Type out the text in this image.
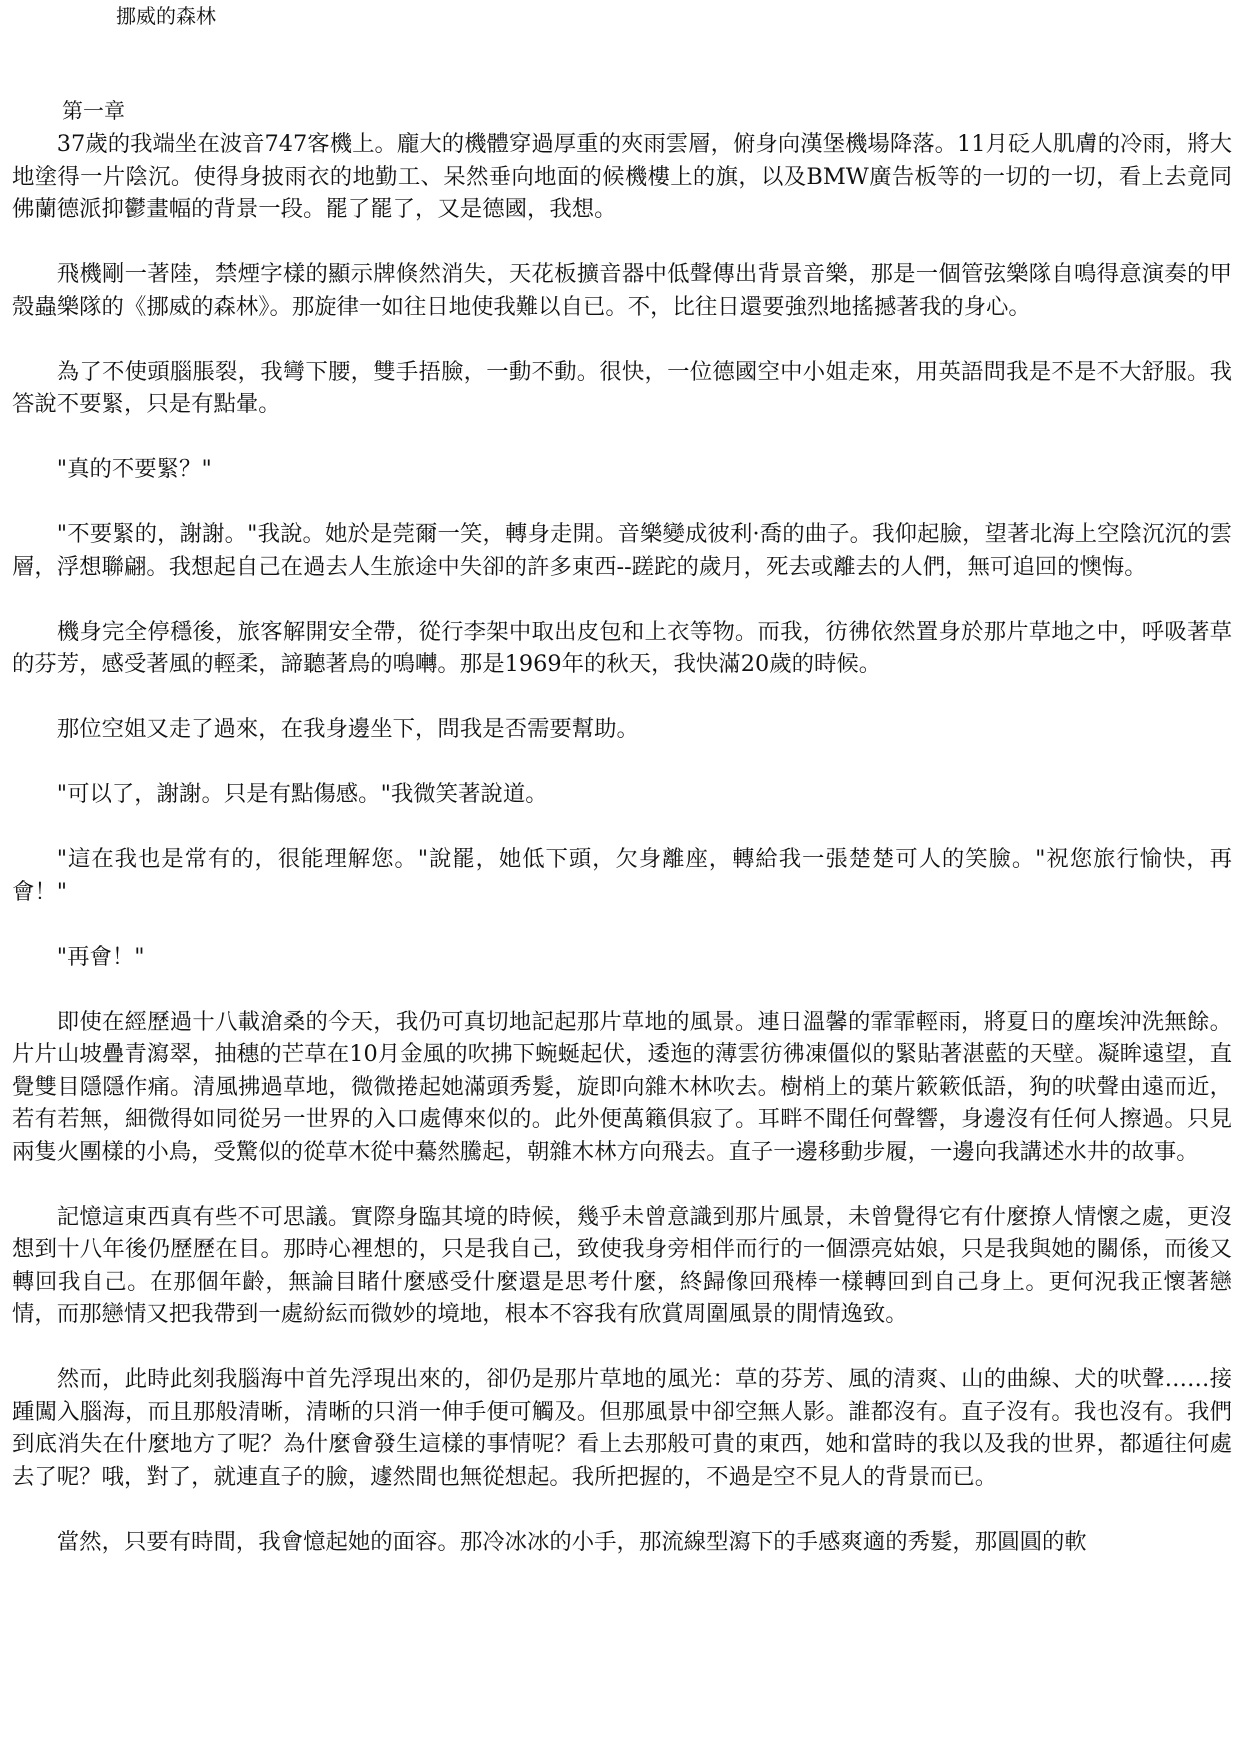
挪威的森林
第一章

37歲的我端坐在波音747客機上。龐大的機體穿過厚重的夾雨雲層，俯身向漢堡機場降落。11月砭人肌膚的冷雨，將大地塗得一片陰沉。使得身披雨衣的地勤工、呆然垂向地面的候機樓上的旗，以及BMW廣告板等的一切的一切，看上去竟同佛蘭德派抑鬱畫幅的背景一段。罷了罷了，又是德國，我想。

飛機剛一著陸，禁煙字樣的顯示牌倏然消失，天花板擴音器中低聲傳出背景音樂，那是一個管弦樂隊自鳴得意演奏的甲殼蟲樂隊的《挪威的森林》。那旋律一如往日地使我難以自已。不，比往日還要強烈地搖撼著我的身心。

為了不使頭腦脹裂，我彎下腰，雙手捂臉，一動不動。很快，一位德國空中小姐走來，用英語問我是不是不大舒服。我答說不要緊，只是有點暈。

"真的不要緊？"

"不要緊的，謝謝。"我說。她於是莞爾一笑，轉身走開。音樂變成彼利·喬的曲子。我仰起臉，望著北海上空陰沉沉的雲層，浮想聯翩。我想起自己在過去人生旅途中失卻的許多東西--蹉跎的歲月，死去或離去的人們，無可追回的懊悔。

機身完全停穩後，旅客解開安全帶，從行李架中取出皮包和上衣等物。而我，彷彿依然置身於那片草地之中，呼吸著草的芬芳，感受著風的輕柔，諦聽著鳥的鳴囀。那是1969年的秋天，我快滿20歲的時候。

那位空姐又走了過來，在我身邊坐下，問我是否需要幫助。

"可以了，謝謝。只是有點傷感。"我微笑著說道。

"這在我也是常有的，很能理解您。"說罷，她低下頭，欠身離座，轉給我一張楚楚可人的笑臉。"祝您旅行愉快，再會！"

"再會！"

即使在經歷過十八載滄桑的今天，我仍可真切地記起那片草地的風景。連日溫馨的霏霏輕雨，將夏日的塵埃沖洗無餘。片片山坡疊青瀉翠，抽穗的芒草在10月金風的吹拂下蜿蜒起伏，逶迤的薄雲彷彿凍僵似的緊貼著湛藍的天壁。凝眸遠望，直覺雙目隱隱作痛。清風拂過草地，微微捲起她滿頭秀髮，旋即向雜木林吹去。樹梢上的葉片簌簌低語，狗的吠聲由遠而近，若有若無，細微得如同從另一世界的入口處傳來似的。此外便萬籟俱寂了。耳畔不聞任何聲響，身邊沒有任何人擦過。只見兩隻火團樣的小鳥，受驚似的從草木從中驀然騰起，朝雜木林方向飛去。直子一邊移動步履，一邊向我講述水井的故事。

記憶這東西真有些不可思議。實際身臨其境的時候，幾乎未曾意識到那片風景，未曾覺得它有什麼撩人情懷之處，更沒想到十八年後仍歷歷在目。那時心裡想的，只是我自己，致使我身旁相伴而行的一個漂亮姑娘，只是我與她的關係，而後又轉回我自己。在那個年齡，無論目睹什麼感受什麼還是思考什麼，終歸像回飛棒一樣轉回到自己身上。更何況我正懷著戀情，而那戀情又把我帶到一處紛紜而微妙的境地，根本不容我有欣賞周圍風景的閒情逸致。

然而，此時此刻我腦海中首先浮現出來的，卻仍是那片草地的風光：草的芬芳、風的清爽、山的曲線、犬的吠聲……接踵闖入腦海，而且那般清晰，清晰的只消一伸手便可觸及。但那風景中卻空無人影。誰都沒有。直子沒有。我也沒有。我們到底消失在什麼地方了呢？為什麼會發生這樣的事情呢？看上去那般可貴的東西，她和當時的我以及我的世界，都遁往何處去了呢？哦，對了，就連直子的臉，遽然間也無從想起。我所把握的，不過是空不見人的背景而已。

當然，只要有時間，我會憶起她的面容。那冷冰冰的小手，那流線型瀉下的手感爽適的秀髮，那圓圓的軟
